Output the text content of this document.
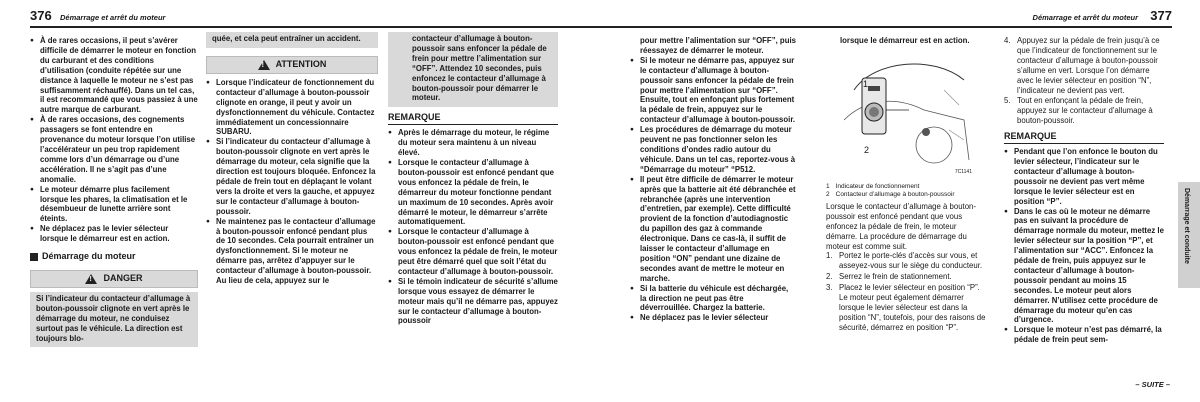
376 Démarrage et arrêt du moteur
● À de rares occasions, il peut s’avérer difficile de démarrer le moteur en fonction du carburant et des conditions d’utilisation (conduite répétée sur une distance à laquelle le moteur ne s’est pas suffisamment réchauffé). Dans un tel cas, il est recommandé que vous passiez à une autre marque de carburant.
● À de rares occasions, des cognements passagers se font entendre en provenance du moteur lorsque l’on utilise l’accélérateur un peu trop rapidement comme lors d’un démarrage ou d’une accélération. Il ne s’agit pas d’une anomalie.
● Le moteur démarre plus facilement lorsque les phares, la climatisation et le désembueur de lunette arrière sont éteints.
● Ne déplacez pas le levier sélecteur lorsque le démarreur est en action.
Démarrage du moteur
! DANGER
Si l’indicateur du contacteur d’allumage à bouton-poussoir clignote en vert après le démarrage du moteur, ne conduisez surtout pas le véhicule. La direction est toujours blo-
quée, et cela peut entraîner un accident.
! ATTENTION
● Lorsque l’indicateur de fonctionnement du contacteur d’allumage à bouton-poussoir clignote en orange, il peut y avoir un dysfonctionnement du véhicule. Contactez immédiatement un concessionnaire SUBARU.
● Si l’indicateur du contacteur d’allumage à bouton-poussoir clignote en vert après le démarrage du moteur, cela signifie que la direction est toujours bloquée. Enfoncez la pédale de frein tout en déplaçant le volant vers la droite et vers la gauche, et appuyez sur le contacteur d’allumage à bouton-poussoir.
● Ne maintenez pas le contacteur d’allumage à bouton-poussoir enfoncé pendant plus de 10 secondes. Cela pourrait entraîner un dysfonctionnement. Si le moteur ne démarre pas, arrêtez d’appuyer sur le contacteur d’allumage à bouton-poussoir. Au lieu de cela, appuyez sur le
contacteur d’allumage à bouton-poussoir sans enfoncer la pédale de frein pour mettre l’alimentation sur “OFF”. Attendez 10 secondes, puis enfoncez le contacteur d’allumage à bouton-poussoir pour démarrer le moteur.
REMARQUE
● Après le démarrage du moteur, le régime du moteur sera maintenu à un niveau élevé.
● Lorsque le contacteur d’allumage à bouton-poussoir est enfoncé pendant que vous enfoncez la pédale de frein, le démarreur du moteur fonctionne pendant un maximum de 10 secondes. Après avoir démarré le moteur, le démarreur s’arrête automatiquement.
● Lorsque le contacteur d’allumage à bouton-poussoir est enfoncé pendant que vous enfoncez la pédale de frein, le moteur peut être démarré quel que soit l’état du contacteur d’allumage à bouton-poussoir.
● Si le témoin indicateur de sécurité s’allume lorsque vous essayez de démarrer le moteur mais qu’il ne démarre pas, appuyez sur le contacteur d’allumage à bouton-poussoir
Démarrage et arrêt du moteur 377
pour mettre l’alimentation sur “OFF”, puis réessayez de démarrer le moteur.
● Si le moteur ne démarre pas, appuyez sur le contacteur d’allumage à bouton-poussoir sans enfoncer la pédale de frein pour mettre l’alimentation sur “OFF”. Ensuite, tout en enfonçant plus fortement la pédale de frein, appuyez sur le contacteur d’allumage à bouton-poussoir.
● Les procédures de démarrage du moteur peuvent ne pas fonctionner selon les conditions d’ondes radio autour du véhicule. Dans un tel cas, reportez-vous à “Démarrage du moteur” “P512.
● Il peut être difficile de démarrer le moteur après que la batterie ait été débranchée et rebranchée (après une intervention d’entretien, par exemple). Cette difficulté provient de la fonction d’autodiagnostic du papillon des gaz à commande électronique. Dans ce cas-là, il suffit de laisser le contacteur d’allumage en position “ON” pendant une dizaine de secondes avant de mettre le moteur en marche.
● Si la batterie du véhicule est déchargée, la direction ne peut pas être déverrouillée. Chargez la batterie.
● Ne déplacez pas le levier sélecteur
lorsque le démarreur est en action.
1
2
7C1141
1 Indicateur de fonctionnement
2 Contacteur d’allumage à bouton-poussoir
Lorsque le contacteur d’allumage à bouton-poussoir est enfoncé pendant que vous enfoncez la pédale de frein, le moteur démarre. La procédure de démarrage du moteur est comme suit.
1. Portez le porte-clés d’accès sur vous, et asseyez-vous sur le siège du conducteur.
2. Serrez le frein de stationnement.
3. Placez le levier sélecteur en position “P”. Le moteur peut également démarrer lorsque le levier sélecteur est dans la position “N”, toutefois, pour des raisons de sécurité, démarrez en position “P”.
4. Appuyez sur la pédale de frein jusqu’à ce que l’indicateur de fonctionnement sur le contacteur d’allumage à bouton-poussoir s’allume en vert. Lorsque l’on démarre avec le levier sélecteur en position “N”, l’indicateur ne devient pas vert.
5. Tout en enfonçant la pédale de frein, appuyez sur le contacteur d’allumage à bouton-poussoir.
REMARQUE
● Pendant que l’on enfonce le bouton du levier sélecteur, l’indicateur sur le contacteur d’allumage à bouton-poussoir ne devient pas vert même lorsque le levier sélecteur est en position “P”.
● Dans le cas où le moteur ne démarre pas en suivant la procédure de démarrage normale du moteur, mettez le levier sélecteur sur la position “P”, et l’alimentation sur “ACC”. Enfoncez la pédale de frein, puis appuyez sur le contacteur d’allumage à bouton-poussoir pendant au moins 15 secondes. Le moteur peut alors démarrer. N’utilisez cette procédure de démarrage du moteur qu’en cas d’urgence.
● Lorsque le moteur n’est pas démarré, la pédale de frein peut sem-
Démarrage et conduite
– SUITE –
